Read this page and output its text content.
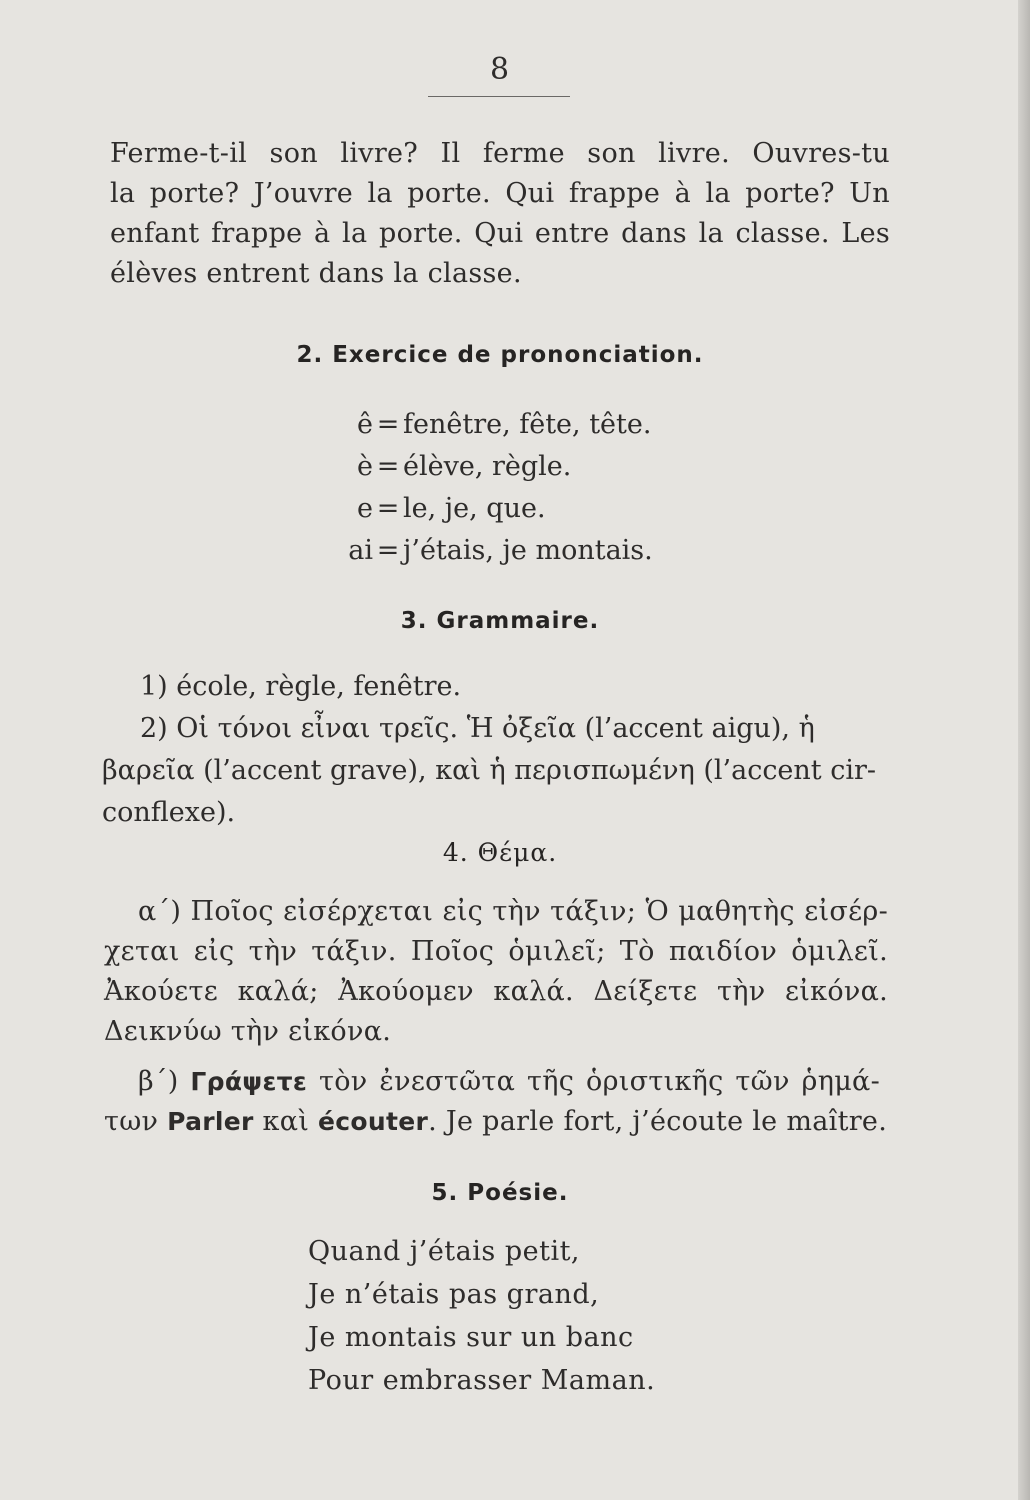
8
Ferme-t-il son livre? Il ferme son livre. Ouvres-tu
la porte? J’ouvre la porte. Qui frappe à la porte? Un
enfant frappe à la porte. Qui entre dans la classe. Les
élèves entrent dans la classe.
2. Exercice de prononciation.
ê = fenêtre, fête, tête.
è = élève, règle.
e = le, je, que.
ai = j’étais, je montais.
3. Grammaire.
1) école, règle, fenêtre.
2) Οἱ τόνοι εἶναι τρεῖς. Ἡ ὀξεῖα (l’accent aigu), ἡ
βαρεῖα (l’accent grave), καὶ ἡ περισπωμένη (l’accent cir-
conflexe).
4. Θέμα.
α΄) Ποῖος εἰσέρχεται εἰς τὴν τάξιν; Ὁ μαθητὴς εἰσέρ-
χεται εἰς τὴν τάξιν. Ποῖος ὁμιλεῖ; Τὸ παιδίον ὁμιλεῖ.
Ἀκούετε καλά; Ἀκούομεν καλά. Δείξετε τὴν εἰκόνα.
Δεικνύω τὴν εἰκόνα.
β΄) Γράψετε τὸν ἐνεστῶτα τῆς ὁριστικῆς τῶν ῥημά-
των Parler καὶ écouter. Je parle fort, j’écoute le maître.
5. Poésie.
Quand j’étais petit,
Je n’étais pas grand,
Je montais sur un banc
Pour embrasser Maman.
